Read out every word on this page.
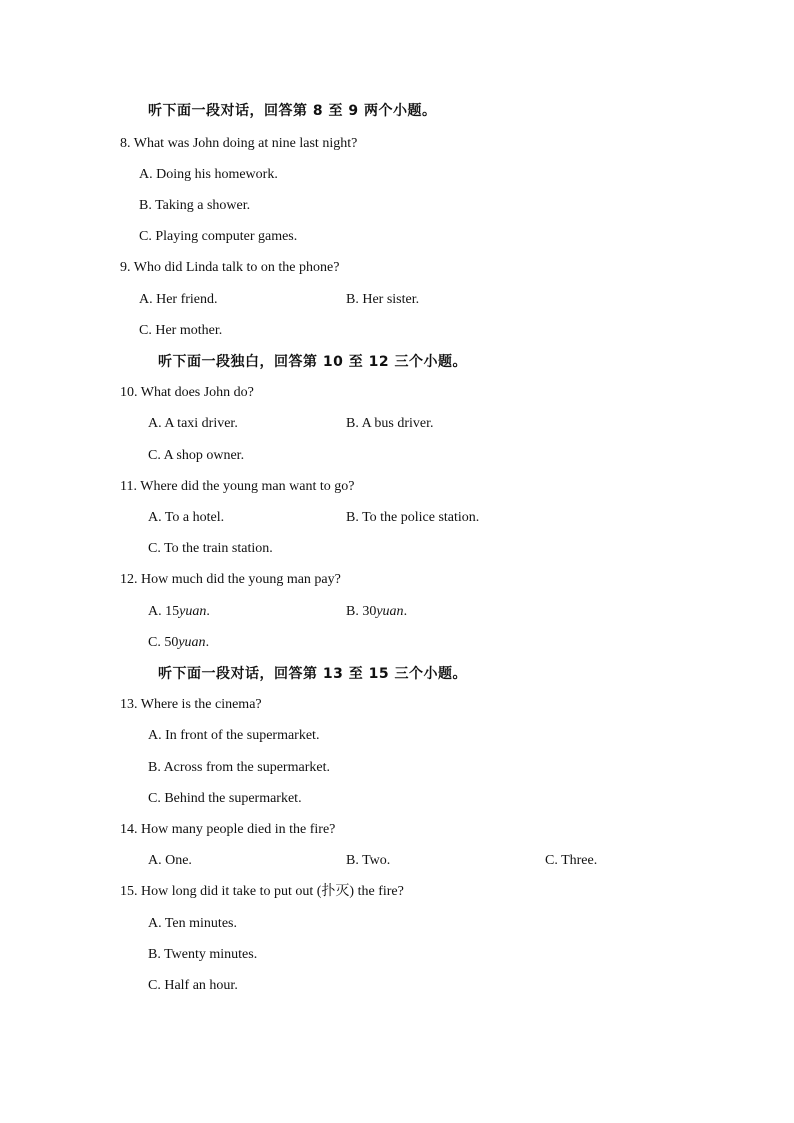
听下面一段对话，回答第 8 至 9 两个小题。
8. What was John doing at nine last night?
A. Doing his homework.
B. Taking a shower.
C. Playing computer games.
9. Who did Linda talk to on the phone?
A. Her friend.	B. Her sister.
C. Her mother.
听下面一段独白，回答第 10 至 12 三个小题。
10. What does John do?
A. A taxi driver.	B. A bus driver.
C. A shop owner.
11. Where did the young man want to go?
A. To a hotel.	B. To the police station.
C. To the train station.
12. How much did the young man pay?
A. 15yuan.	B. 30yuan.
C. 50yuan.
听下面一段对话，回答第 13 至 15 三个小题。
13. Where is the cinema?
A. In front of the supermarket.
B. Across from the supermarket.
C. Behind the supermarket.
14. How many people died in the fire?
A. One.	B. Two.	C. Three.
15. How long did it take to put out (扑灭) the fire?
A. Ten minutes.
B. Twenty minutes.
C. Half an hour.
